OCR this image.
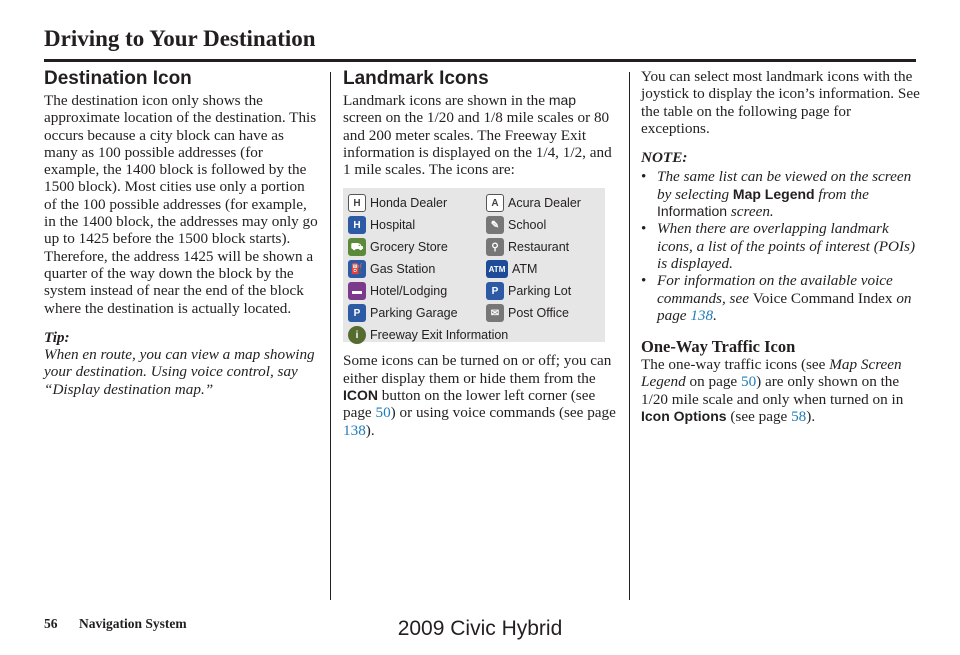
Driving to Your Destination
Destination Icon

The destination icon only shows the approximate location of the destination. This occurs because a city block can have as many as 100 possible addresses (for example, the 1400 block is followed by the 1500 block). Most cities use only a portion of the 100 possible addresses (for example, in the 1400 block, the addresses may only go up to 1425 before the 1500 block starts). Therefore, the address 1425 will be shown a quarter of the way down the block by the system instead of near the end of the block where the destination is actually located.

Tip:

When en route, you can view a map showing your destination. Using voice control, say “Display destination map.”

Landmark Icons

Landmark icons are shown in the map screen on the 1/20 and 1/8 mile scales or 80 and 200 meter scales. The Freeway Exit information is displayed on the 1/4, 1/2, and 1 mile scales. The icons are:

H Honda Dealer	A Acura Dealer
H Hospital	✎ School
⛟ Grocery Store	⚲ Restaurant
⛽ Gas Station	ATM ATM
▬ Hotel/Lodging	P Parking Lot
P Parking Garage	✉ Post Office
i Freeway Exit Information

Some icons can be turned on or off; you can either display them or hide them from the ICON button on the lower left corner (see page 50) or using voice commands (see page 138).

You can select most landmark icons with the joystick to display the icon’s information. See the table on the following page for exceptions.

NOTE:

• The same list can be viewed on the screen by selecting Map Legend from the Information screen.
• When there are overlapping landmark icons, a list of the points of interest (POIs) is displayed.
• For information on the available voice commands, see Voice Command Index on page 138.
One-Way Traffic Icon

The one-way traffic icons (see Map Screen Legend on page 50) are only shown on the 1/20 mile scale and only when turned on in Icon Options (see page 58).

56 Navigation System	2009 Civic Hybrid
